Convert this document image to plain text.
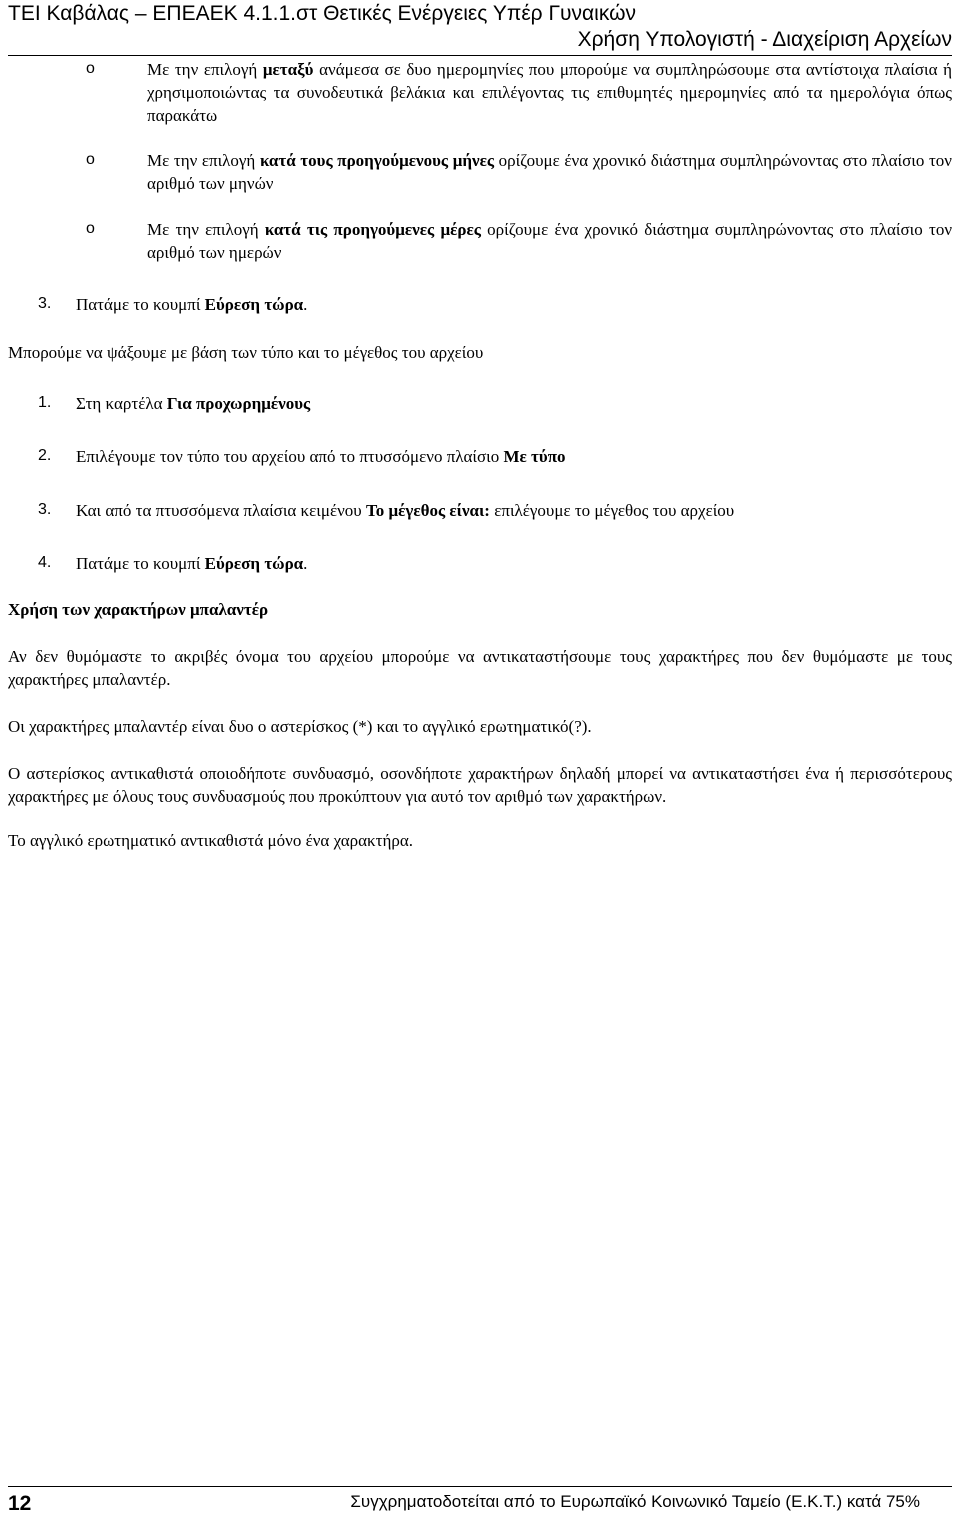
ΤΕΙ Καβάλας – ΕΠΕΑΕΚ 4.1.1.στ Θετικές Ενέργειες Υπέρ Γυναικών
Χρήση Υπολογιστή - Διαχείριση Αρχείων
o	Με την επιλογή μεταξύ ανάμεσα σε δυο ημερομηνίες που μπορούμε να συμπληρώσουμε στα αντίστοιχα πλαίσια ή χρησιμοποιώντας τα συνοδευτικά βελάκια και επιλέγοντας τις επιθυμητές ημερομηνίες από τα ημερολόγια όπως παρακάτω
o	Με την επιλογή κατά τους προηγούμενους μήνες ορίζουμε ένα χρονικό διάστημα συμπληρώνοντας στο πλαίσιο τον αριθμό των μηνών
o	Με την επιλογή κατά τις προηγούμενες μέρες ορίζουμε ένα χρονικό διάστημα συμπληρώνοντας στο πλαίσιο τον αριθμό των ημερών
3. Πατάμε το κουμπί Εύρεση τώρα.
Μπορούμε να ψάξουμε με βάση των τύπο και το μέγεθος του αρχείου
1. Στη καρτέλα Για προχωρημένους
2. Επιλέγουμε τον τύπο του αρχείου από το πτυσσόμενο πλαίσιο Με τύπο
3. Και από τα πτυσσόμενα πλαίσια κειμένου Το μέγεθος είναι: επιλέγουμε το μέγεθος του αρχείου
4. Πατάμε το κουμπί Εύρεση τώρα.
Χρήση των χαρακτήρων μπαλαντέρ
Αν δεν θυμόμαστε το ακριβές όνομα του αρχείου μπορούμε να αντικαταστήσουμε τους χαρακτήρες που δεν θυμόμαστε με τους χαρακτήρες μπαλαντέρ.
Οι χαρακτήρες μπαλαντέρ είναι δυο ο αστερίσκος (*) και το αγγλικό ερωτηματικό(?).
Ο αστερίσκος αντικαθιστά οποιοδήποτε συνδυασμό, οσονδήποτε χαρακτήρων δηλαδή μπορεί να αντικαταστήσει ένα ή περισσότερους χαρακτήρες με όλους τους συνδυασμούς που προκύπτουν για αυτό τον αριθμό των χαρακτήρων.
Το αγγλικό ερωτηματικό αντικαθιστά μόνο ένα χαρακτήρα.
12	Συγχρηματοδοτείται από το Ευρωπαϊκό Κοινωνικό Ταμείο (Ε.Κ.Τ.) κατά 75%
